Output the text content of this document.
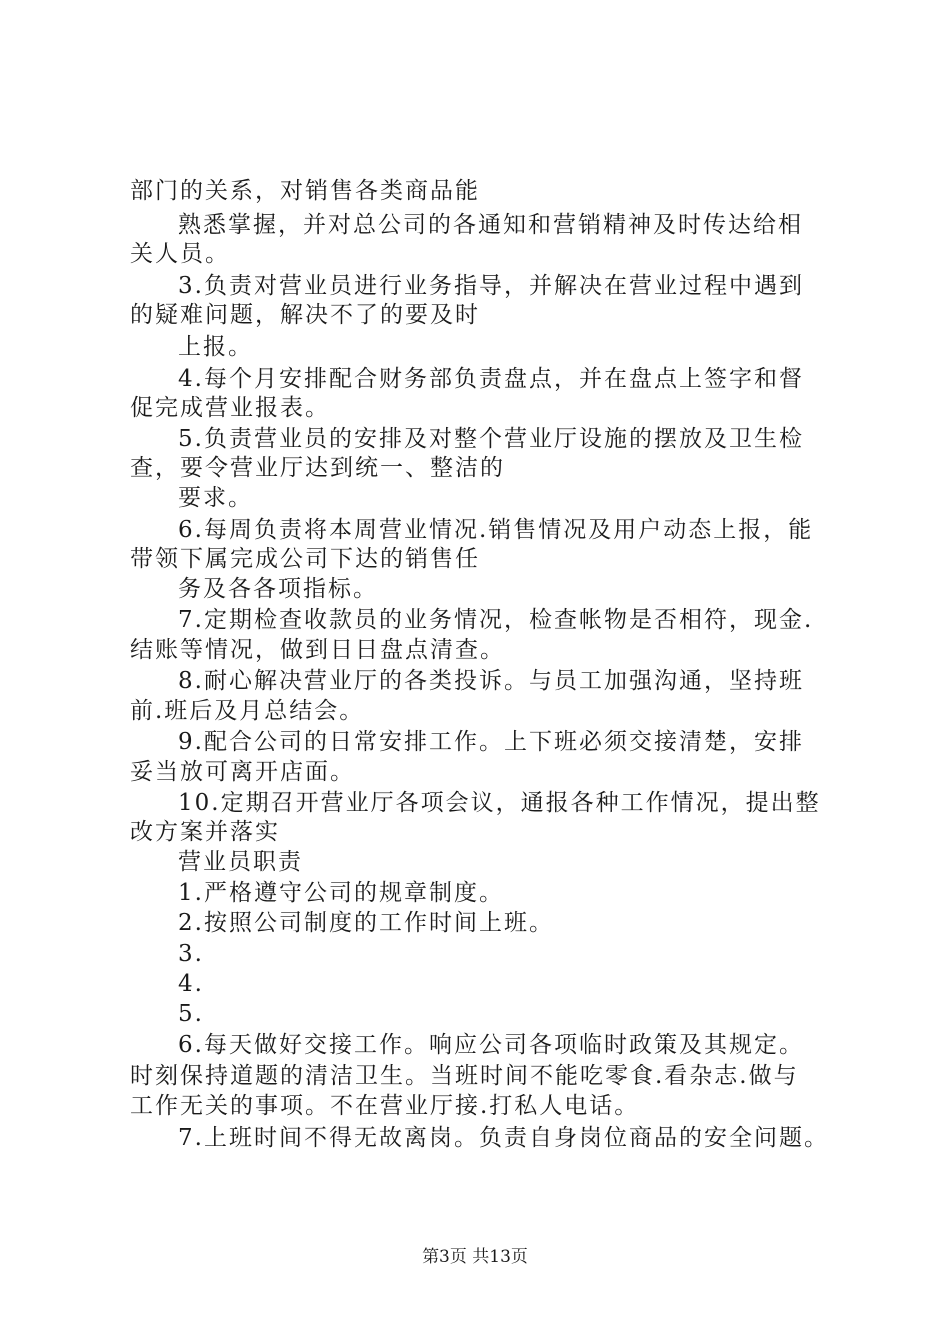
部门的关系，对销售各类商品能
熟悉掌握，并对总公司的各通知和营销精神及时传达给相
关人员。
3.负责对营业员进行业务指导，并解决在营业过程中遇到
的疑难问题，解决不了的要及时
上报。
4.每个月安排配合财务部负责盘点，并在盘点上签字和督
促完成营业报表。
5.负责营业员的安排及对整个营业厅设施的摆放及卫生检
查，要令营业厅达到统一、整洁的
要求。
6.每周负责将本周营业情况.销售情况及用户动态上报，能
带领下属完成公司下达的销售任
务及各各项指标。
7.定期检查收款员的业务情况，检查帐物是否相符，现金.
结账等情况，做到日日盘点清查。
8.耐心解决营业厅的各类投诉。与员工加强沟通，坚持班
前.班后及月总结会。
9.配合公司的日常安排工作。上下班必须交接清楚，安排
妥当放可离开店面。
10.定期召开营业厅各项会议，通报各种工作情况，提出整
改方案并落实
营业员职责
1.严格遵守公司的规章制度。
2.按照公司制度的工作时间上班。
3.
4.
5.
6.每天做好交接工作。响应公司各项临时政策及其规定。
时刻保持道题的清洁卫生。当班时间不能吃零食.看杂志.做与
工作无关的事项。不在营业厅接.打私人电话。
7.上班时间不得无故离岗。负责自身岗位商品的安全问题。
第3页 共13页
